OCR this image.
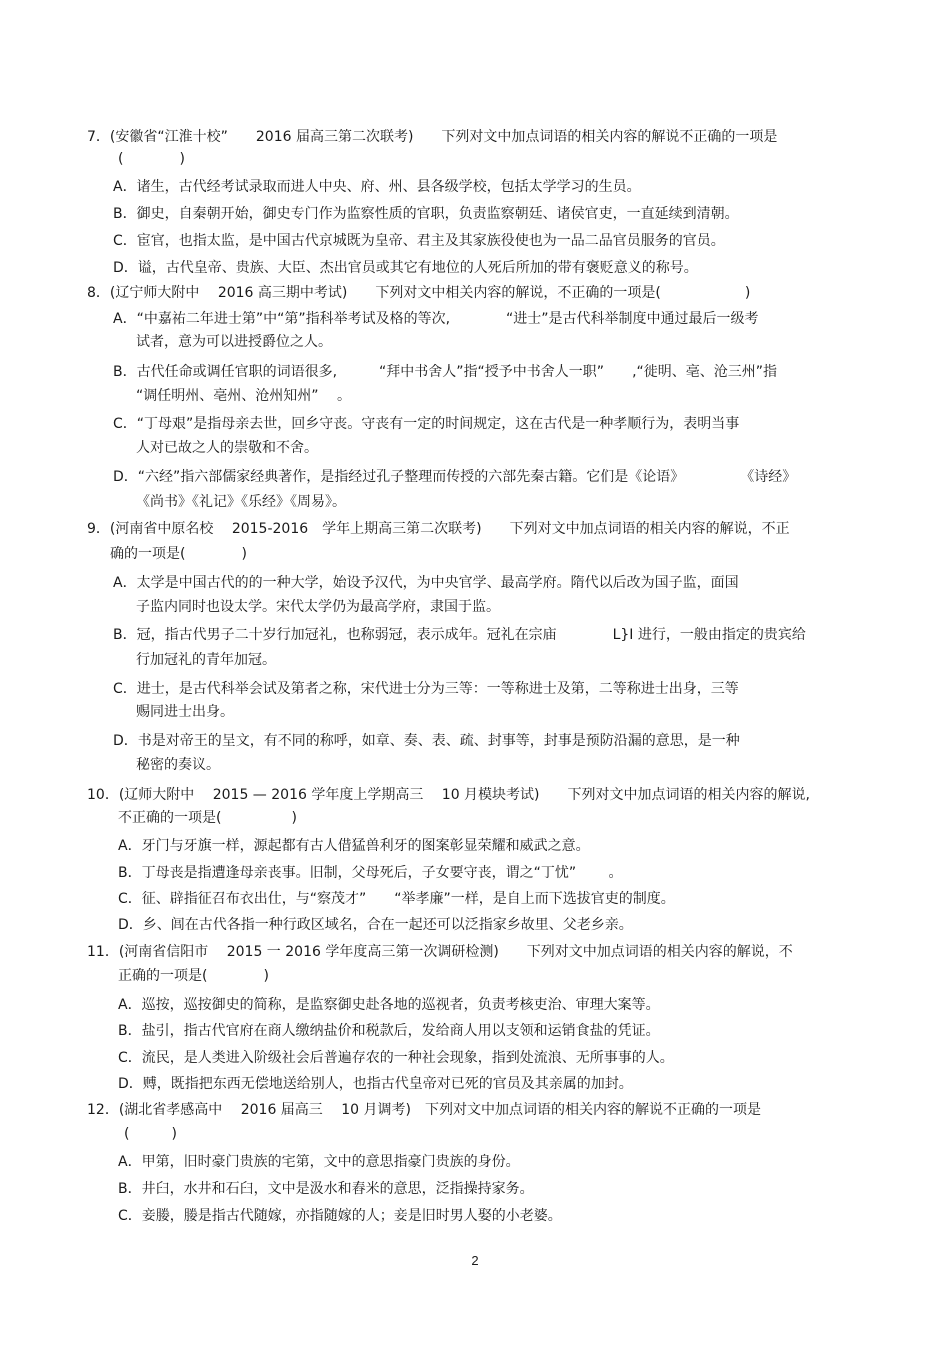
7．(安徽省“江淮十校”　　2016 届高三第二次联考)　　下列对文中加点词语的相关内容的解说不正确的一项是
(　　　　)
A．诸生，古代经考试录取而进人中央、府、州、县各级学校，包括太学学习的生员。
B．御史，自秦朝开始，御史专门作为监察性质的官职，负责监察朝廷、诸侯官吏，一直延续到清朝。
C．宦官，也指太监，是中国古代京城既为皇帝、君主及其家族役使也为一品二品官员服务的官员。
D．谥，古代皇帝、贵族、大臣、杰出官员或其它有地位的人死后所加的带有褒贬意义的称号。
8．(辽宁师大附中　 2016 高三期中考试)　　下列对文中相关内容的解说，不正确的一项是(　　　　　　)
A．“中嘉祐二年进士第”中“第”指科举考试及格的等次,　　　　“进士”是古代科举制度中通过最后一级考
试者，意为可以进授爵位之人。
B．古代任命或调任官职的词语很多,　　　“拜中书舍人”指“授予中书舍人一职”　　,“徙明、亳、沧三州”指
“调任明州、亳州、沧州知州”　 。
C．“丁母艰”是指母亲去世，回乡守丧。守丧有一定的时间规定，这在古代是一种孝顺行为，表明当事
人对已故之人的崇敬和不舍。
D．“六经”指六部儒家经典著作，是指经过孔子整理而传授的六部先秦古籍。它们是《论语》　　　　　《诗经》
《尚书》《礼记》《乐经》《周易》。
9．(河南省中原名校　 2015-2016　学年上期高三第二次联考)　　下列对文中加点词语的相关内容的解说，不正
确的一项是(　　　　)
A．太学是中国古代的的一种大学，始设予汉代，为中央官学、最高学府。隋代以后改为国子监，面国
子监内同时也设太学。宋代太学仍为最高学府，隶国于监。
B．冠，指古代男子二十岁行加冠礼，也称弱冠，表示成年。冠礼在宗庙　　　　L}I 进行，一般由指定的贵宾给
行加冠礼的青年加冠。
C．进士，是古代科举会试及第者之称，宋代进士分为三等：一等称进士及第，二等称进士出身，三等
赐同进士出身。
D．书是对帝王的呈文，有不同的称呼，如章、奏、表、疏、封事等，封事是预防沿漏的意思，是一种
秘密的奏议。
10．(辽师大附中　 2015 — 2016 学年度上学期高三　 10 月模块考试)　　下列对文中加点词语的相关内容的解说,
不正确的一项是(　　　　　)
A．牙门与牙旗一样，源起都有古人借猛兽利牙的图案彰显荣耀和威武之意。
B．丁母丧是指遭逢母亲丧事。旧制，父母死后，子女要守丧，谓之“丁忧”　　 。
C．征、辟指征召布衣出仕，与“察茂才”　　“举孝廉”一样，是自上而下选拔官吏的制度。
D．乡、闾在古代各指一种行政区域名，合在一起还可以泛指家乡故里、父老乡亲。
11．(河南省信阳市　 2015 一 2016 学年度高三第一次调研检测)　　下列对文中加点词语的相关内容的解说，不
正确的一项是(　　　　)
A．巡按，巡按御史的简称，是监察御史赴各地的巡视者，负责考核吏治、审理大案等。
B．盐引，指古代官府在商人缴纳盐价和税款后，发给商人用以支领和运销食盐的凭证。
C．流民，是人类进入阶级社会后普遍存农的一种社会现象，指到处流浪、无所事事的人。
D．赙，既指把东西无偿地送给别人，也指古代皇帝对已死的官员及其亲属的加封。
12．(湖北省孝感高中　 2016 届高三　 10 月调考)　下列对文中加点词语的相关内容的解说不正确的一项是
(　　　)
A．甲第，旧时豪门贵族的宅第，文中的意思指豪门贵族的身份。
B．井臼，水井和石臼，文中是汲水和舂米的意思，泛指操持家务。
C．妾媵，媵是指古代随嫁，亦指随嫁的人；妾是旧时男人娶的小老婆。
2
